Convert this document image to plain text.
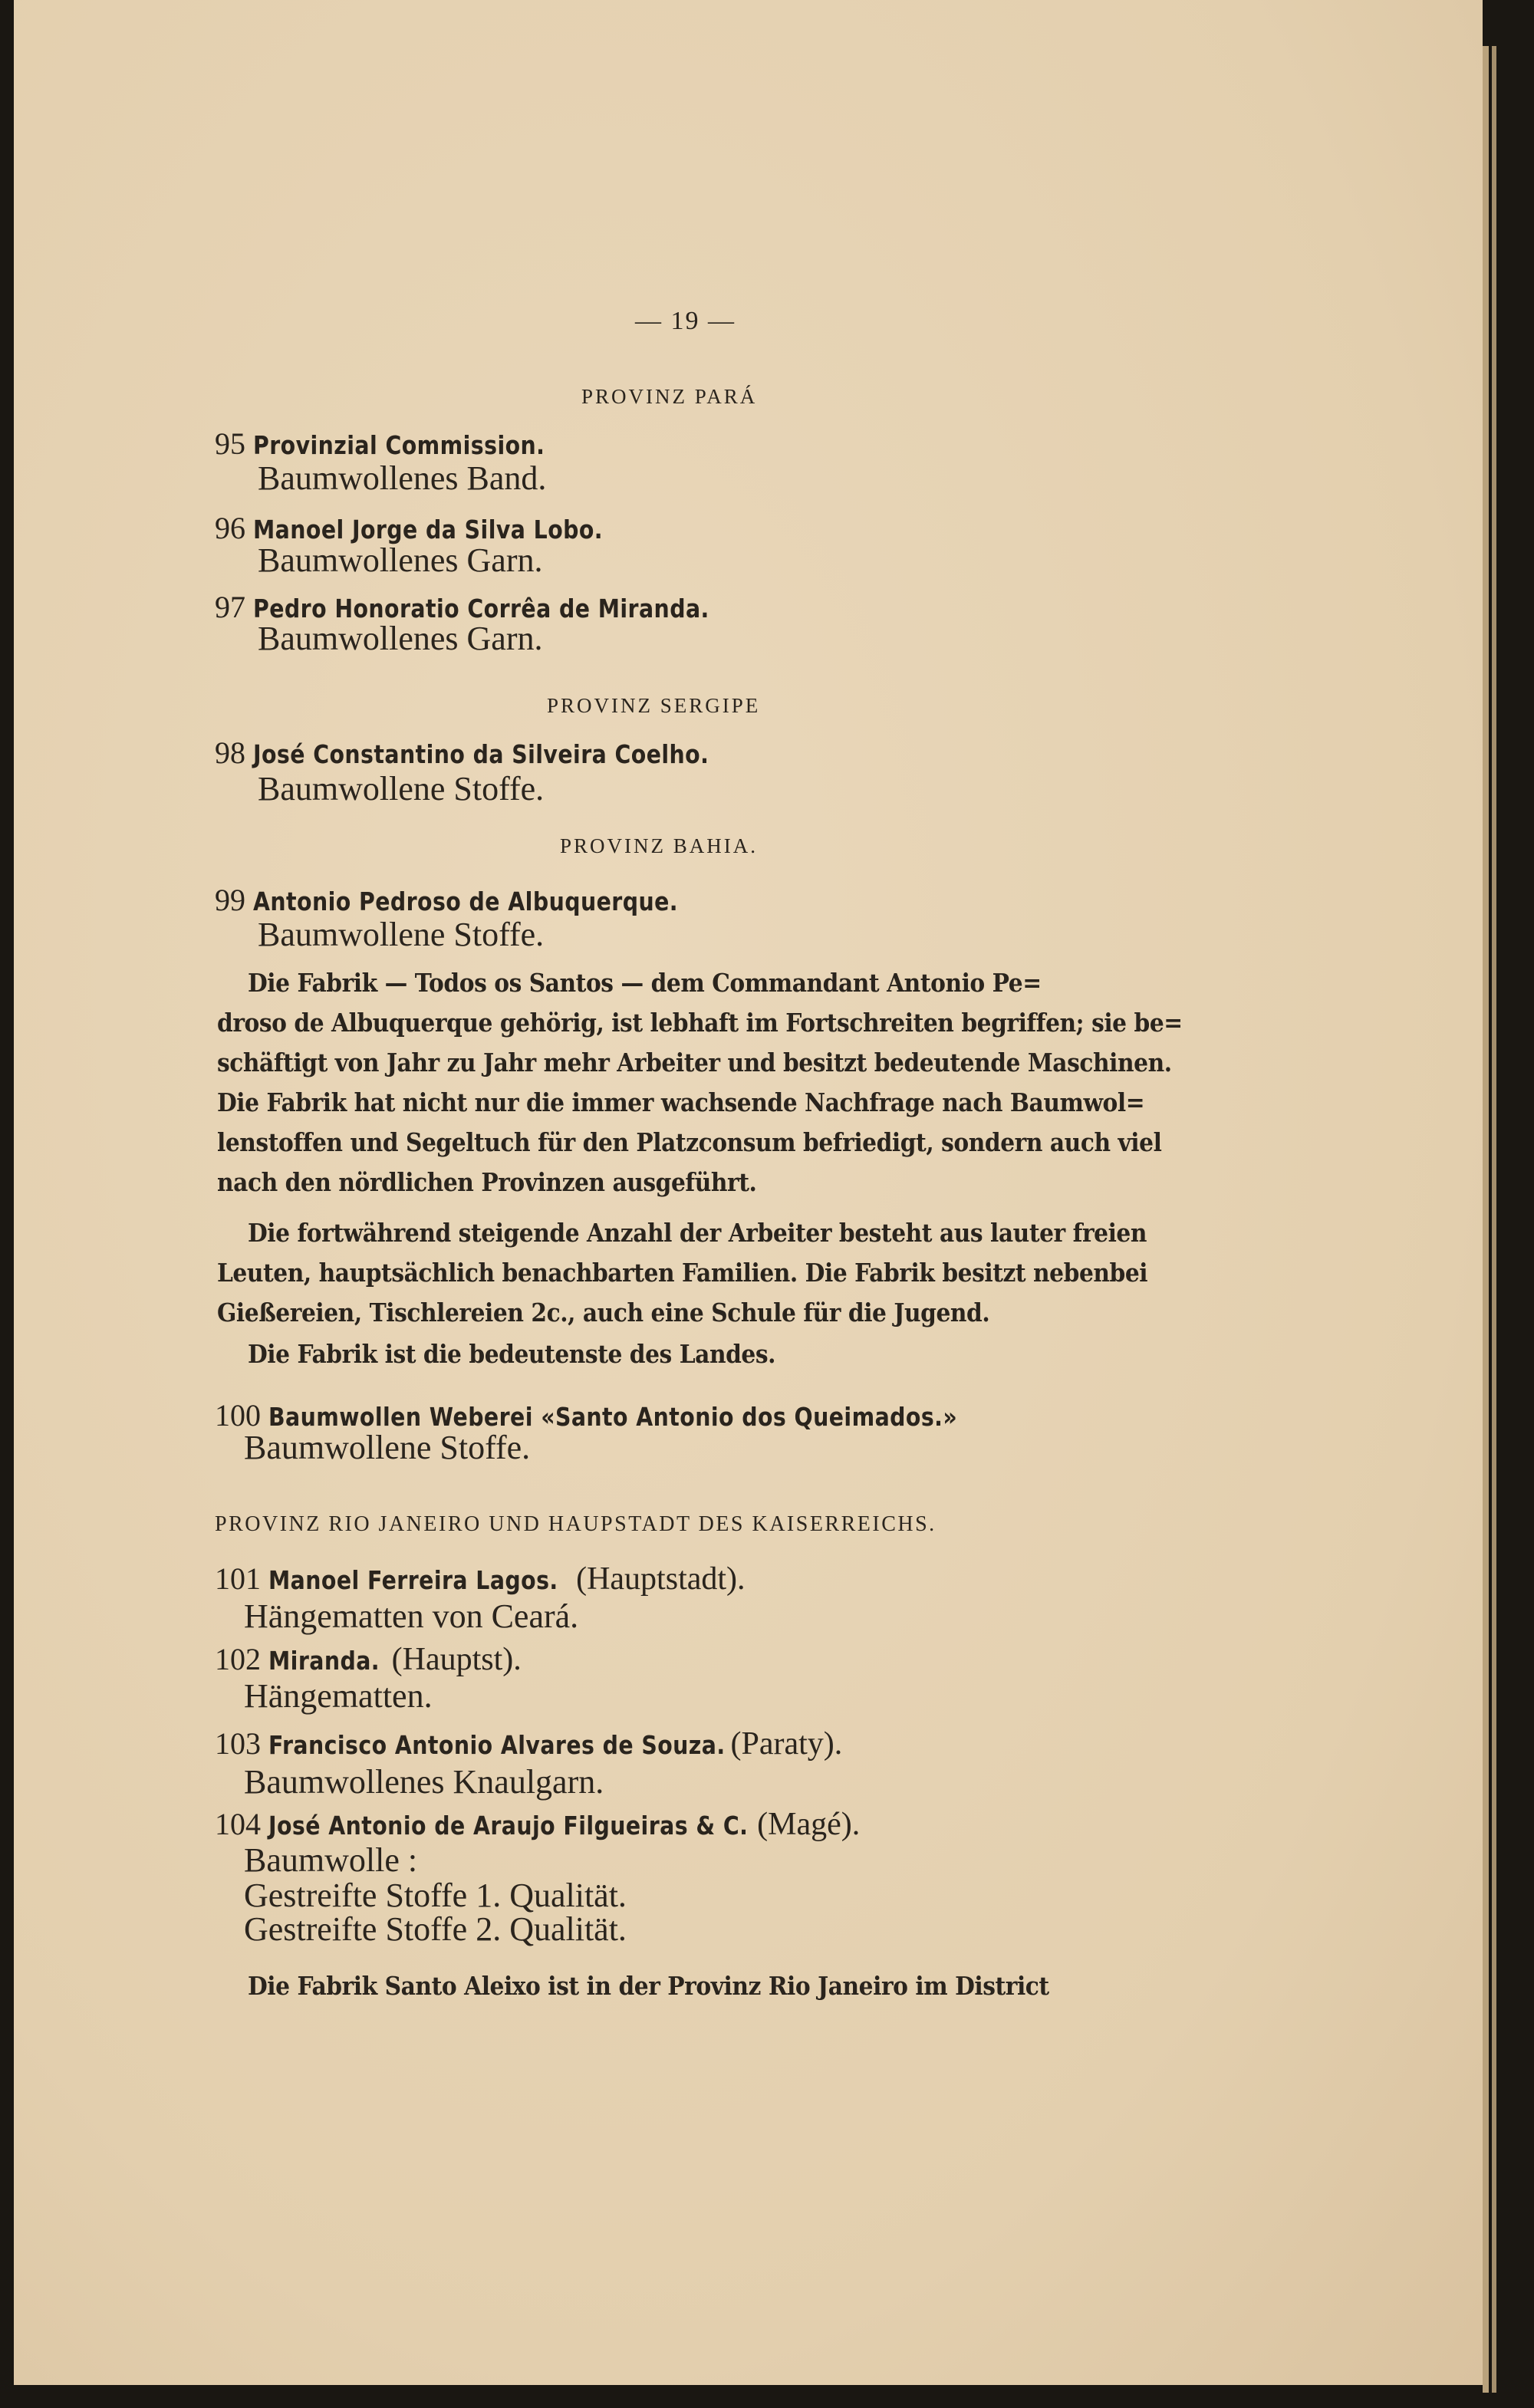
— 19 —
PROVINZ PARÁ
95 Provinzial Commission.
Baumwollenes Band.
96 Manoel Jorge da Silva Lobo.
Baumwollenes Garn.
97 Pedro Honoratio Corrêa de Miranda.
Baumwollenes Garn.
PROVINZ SERGIPE
98 José Constantino da Silveira Coelho.
Baumwollene Stoffe.
PROVINZ BAHIA.
99 Antonio Pedroso de Albuquerque.
Baumwollene Stoffe.
Die Fabrik — Todos os Santos — dem Commandant Antonio Pe=
droso de Albuquerque gehörig, ist lebhaft im Fortschreiten begriffen; sie be=
schäftigt von Jahr zu Jahr mehr Arbeiter und besitzt bedeutende Maschinen.
Die Fabrik hat nicht nur die immer wachsende Nachfrage nach Baumwol=
lenstoffen und Segeltuch für den Platzconsum befriedigt, sondern auch viel
nach den nördlichen Provinzen ausgeführt.
Die fortwährend steigende Anzahl der Arbeiter besteht aus lauter freien
Leuten, hauptsächlich benachbarten Familien. Die Fabrik besitzt nebenbei
Gießereien, Tischlereien 2c., auch eine Schule für die Jugend.
Die Fabrik ist die bedeutenste des Landes.
100 Baumwollen Weberei «Santo Antonio dos Queimados.»
Baumwollene Stoffe.
PROVINZ RIO JANEIRO UND HAUPSTADT DES KAISERREICHS.
101 Manoel Ferreira Lagos. (Hauptstadt).
Hängematten von Ceará.
102 Miranda. (Hauptst).
Hängematten.
103 Francisco Antonio Alvares de Souza. (Paraty).
Baumwollenes Knaulgarn.
104 José Antonio de Araujo Filgueiras & C. (Magé).
Baumwolle :
Gestreifte Stoffe 1. Qualität.
Gestreifte Stoffe 2. Qualität.
Die Fabrik Santo Aleixo ist in der Provinz Rio Janeiro im District
